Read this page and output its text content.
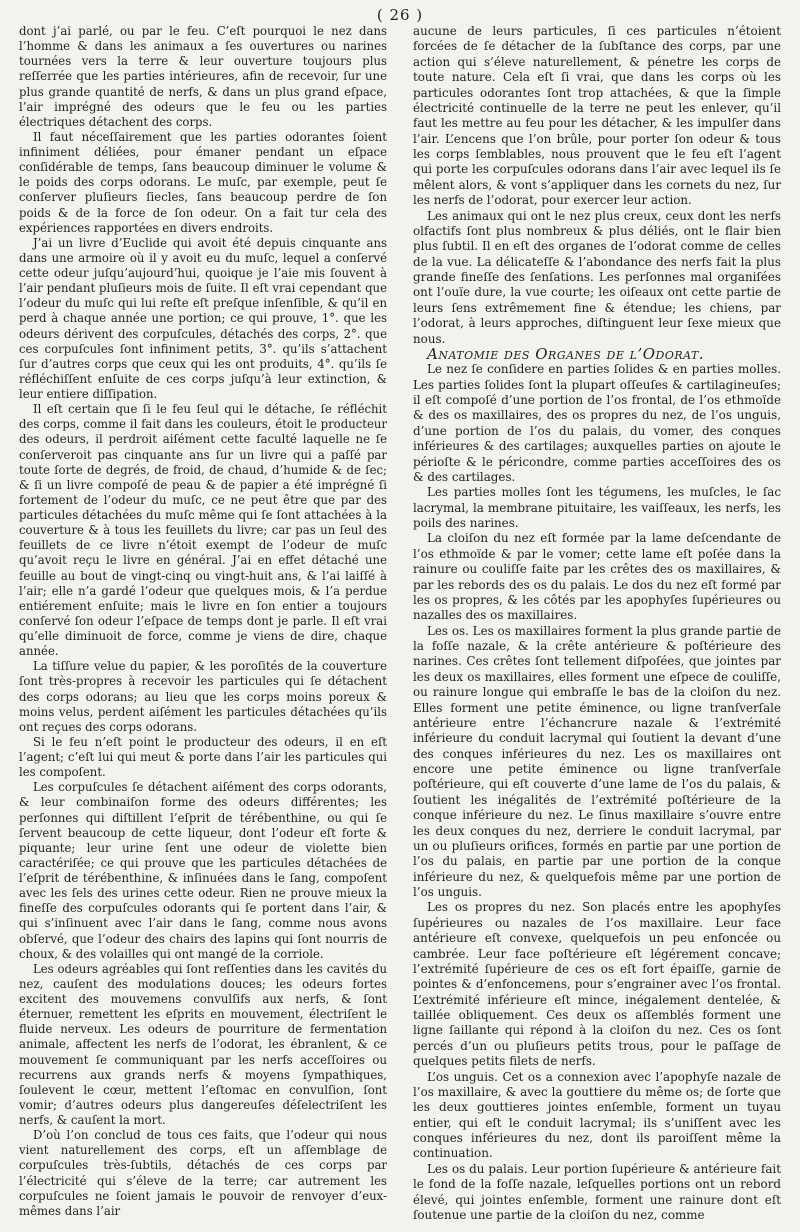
( 26 )

dont j’ai parlé, ou par le feu. C’eſt pourquoi le nez dans l’homme & dans les animaux a ſes ouvertures ou narines tournées vers la terre & leur ouverture toujours plus reſſerrée que les parties intérieures, afin de recevoir, ſur une plus grande quantité de nerfs, & dans un plus grand eſpace, l’air imprégné des odeurs que le feu ou les parties électriques détachent des corps.

Il faut néceſſairement que les parties odorantes ſoient infiniment déliées, pour émaner pendant un eſpace conſidérable de temps, ſans beaucoup diminuer le volume & le poids des corps odorans. Le muſc, par exemple, peut ſe conſerver pluſieurs ſiecles, ſans beaucoup perdre de ſon poids & de la force de ſon odeur. On a fait tur cela des expériences rapportées en divers endroits.

J’ai un livre d’Euclide qui avoit été depuis cinquante ans dans une armoire où il y avoit eu du muſc, lequel a conſervé cette odeur juſqu’aujourd’hui, quoique je l’aie mis ſouvent à l’air pendant pluſieurs mois de ſuite. Il eſt vrai cependant que l’odeur du muſc qui lui reſte eſt preſque inſenſible, & qu’il en perd à chaque année une portion; ce qui prouve, 1°. que les odeurs dérivent des corpuſcules, détachés des corps, 2°. que ces corpuſcules ſont infiniment petits, 3°. qu’ils s’attachent ſur d’autres corps que ceux qui les ont produits, 4°. qu’ils ſe réfléchiſſent enſuite de ces corps juſqu’à leur extinction, & leur entiere diſſipation.

Il eſt certain que ſi le feu ſeul qui le détache, ſe réfléchit des corps, comme il fait dans les couleurs, étoit le producteur des odeurs, il perdroit aiſément cette faculté laquelle ne ſe conſerveroit pas cinquante ans ſur un livre qui a paſſé par toute ſorte de degrés, de froid, de chaud, d’humide & de ſec; & ſi un livre compoſé de peau & de papier a été imprégné ſi fortement de l’odeur du muſc, ce ne peut être que par des particules détachées du muſc même qui ſe ſont attachées à la couverture & à tous les feuillets du livre; car pas un ſeul des feuillets de ce livre n’étoit exempt de l’odeur de muſc qu’avoit reçu le livre en général. J’ai en effet détaché une feuille au bout de vingt-cinq ou vingt-huit ans, & l’ai laiſſé à l’air; elle n’a gardé l’odeur que quelques mois, & l’a perdue entiérement enſuite; mais le livre en ſon entier a toujours conſervé ſon odeur l’eſpace de temps dont je parle. Il eſt vrai qu’elle diminuoit de force, comme je viens de dire, chaque année.

La tiſſure velue du papier, & les poroſités de la couverture ſont très-propres à recevoir les particules qui ſe détachent des corps odorans; au lieu que les corps moins poreux & moins velus, perdent aiſément les particules détachées qu’ils ont reçues des corps odorans.

Si le feu n’eſt point le producteur des odeurs, il en eſt l’agent; c’eſt lui qui meut & porte dans l’air les particules qui les compoſent.

Les corpuſcules ſe détachent aiſément des corps odorants, & leur combinaiſon forme des odeurs différentes; les perſonnes qui diſtillent l’eſprit de térébenthine, ou qui ſe ſervent beaucoup de cette liqueur, dont l’odeur eſt forte & piquante; leur urine ſent une odeur de violette bien caractériſée; ce qui prouve que les particules détachées de l’eſprit de térébenthine, & inſinuées dans le ſang, compoſent avec les ſels des urines cette odeur. Rien ne prouve mieux la fineſſe des corpuſcules odorants qui ſe portent dans l’air, & qui s’inſinuent avec l’air dans le ſang, comme nous avons obſervé, que l’odeur des chairs des lapins qui ſont nourris de choux, & des volailles qui ont mangé de la corriole.

Les odeurs agréables qui ſont reſſenties dans les cavités du nez, cauſent des modulations douces; les odeurs fortes excitent des mouvemens convulſifs aux nerfs, & ſont éternuer, remettent les eſprits en mouvement, électriſent le fluide nerveux. Les odeurs de pourriture de fermentation animale, affectent les nerfs de l’odorat, les ébranlent, & ce mouvement ſe communiquant par les nerfs acceſſoires ou recurrens aux grands nerfs & moyens ſympathiques, ſoulevent le cœur, mettent l’eſtomac en convulſion, ſont vomir; d’autres odeurs plus dangereuſes déſelectriſent les nerfs, & cauſent la mort.

D’où l’on conclud de tous ces faits, que l’odeur qui nous vient naturellement des corps, eſt un aſſemblage de corpuſcules très-ſubtils, détachés de ces corps par l’électricité qui s’éleve de la terre; car autrement les corpuſcules ne ſoient jamais le pouvoir de renvoyer d’eux-mêmes dans l’air

aucune de leurs particules, ſi ces particules n’étoient forcées de ſe détacher de la ſubſtance des corps, par une action qui s’éleve naturellement, & pénetre les corps de toute nature. Cela eſt ſi vrai, que dans les corps où les particules odorantes ſont trop attachées, & que la ſimple électricité continuelle de la terre ne peut les enlever, qu’il faut les mettre au feu pour les détacher, & les impulſer dans l’air. L’encens que l’on brûle, pour porter ſon odeur & tous les corps ſemblables, nous prouvent que le feu eſt l’agent qui porte les corpuſcules odorans dans l’air avec lequel ils ſe mêlent alors, & vont s’appliquer dans les cornets du nez, ſur les nerfs de l’odorat, pour exercer leur action.

Les animaux qui ont le nez plus creux, ceux dont les nerfs olfactifs ſont plus nombreux & plus déliés, ont le flair bien plus ſubtil. Il en eſt des organes de l’odorat comme de celles de la vue. La délicateſſe & l’abondance des nerfs fait la plus grande fineſſe des ſenſations. Les perſonnes mal organiſées ont l’ouïe dure, la vue courte; les oiſeaux ont cette partie de leurs ſens extrêmement fine & étendue; les chiens, par l’odorat, à leurs approches, diſtinguent leur ſexe mieux que nous.

Anatomie des Organes de l’Odorat.

Le nez ſe conſidere en parties ſolides & en parties molles. Les parties ſolides ſont la plupart oſſeuſes & cartilagineuſes; il eſt compoſé d’une portion de l’os frontal, de l’os ethmoïde & des os maxillaires, des os propres du nez, de l’os unguis, d’une portion de l’os du palais, du vomer, des conques inférieures & des cartilages; auxquelles parties on ajoute le périoſte & le péricondre, comme parties acceſſoires des os & des cartilages.

Les parties molles ſont les tégumens, les muſcles, le ſac lacrymal, la membrane pituitaire, les vaiſſeaux, les nerfs, les poils des narines.

La cloiſon du nez eſt formée par la lame deſcendante de l’os ethmoïde & par le vomer; cette lame eſt poſée dans la rainure ou couliſſe faite par les crêtes des os maxillaires, & par les rebords des os du palais. Le dos du nez eſt formé par les os propres, & les côtés par les apophyſes ſupérieures ou nazalles des os maxillaires.

Les os. Les os maxillaires forment la plus grande partie de la foſſe nazale, & la crête antérieure & poſtérieure des narines. Ces crêtes ſont tellement diſpoſées, que jointes par les deux os maxillaires, elles forment une eſpece de couliſſe, ou rainure longue qui embraſſe le bas de la cloiſon du nez. Elles forment une petite éminence, ou ligne tranſverſale antérieure entre l’échancrure nazale & l’extrémité inférieure du conduit lacrymal qui ſoutient la devant d’une des conques inférieures du nez. Les os maxillaires ont encore une petite éminence ou ligne tranſverſale poſtérieure, qui eſt couverte d’une lame de l’os du palais, & ſoutient les inégalités de l’extrémité poſtérieure de la conque inférieure du nez. Le ſinus maxillaire s’ouvre entre les deux conques du nez, derriere le conduit lacrymal, par un ou pluſieurs orifices, formés en partie par une portion de l’os du palais, en partie par une portion de la conque inférieure du nez, & quelquefois même par une portion de l’os unguis.

Les os propres du nez. Son placés entre les apophyſes ſupérieures ou nazales de l’os maxillaire. Leur face antérieure eſt convexe, quelquefois un peu enfoncée ou cambrée. Leur face poſtérieure eſt légérement concave; l’extrémité ſupérieure de ces os eſt fort épaiſſe, garnie de pointes & d’enfoncemens, pour s’engrainer avec l’os frontal. L’extrémité inférieure eſt mince, inégalement dentelée, & taillée obliquement. Ces deux os aſſemblés forment une ligne ſaillante qui répond à la cloiſon du nez. Ces os ſont percés d’un ou pluſieurs petits trous, pour le paſſage de quelques petits filets de nerfs.

L’os unguis. Cet os a connexion avec l’apophyſe nazale de l’os maxillaire, & avec la gouttiere du même os; de ſorte que les deux gouttieres jointes enſemble, forment un tuyau entier, qui eſt le conduit lacrymal; ils s’uniſſent avec les conques inférieures du nez, dont ils paroiſſent même la continuation.

Les os du palais. Leur portion ſupérieure & antérieure fait le fond de la foſſe nazale, leſquelles portions ont un rebord élevé, qui jointes enſemble, forment une rainure dont eſt ſoutenue une partie de la cloiſon du nez, comme
